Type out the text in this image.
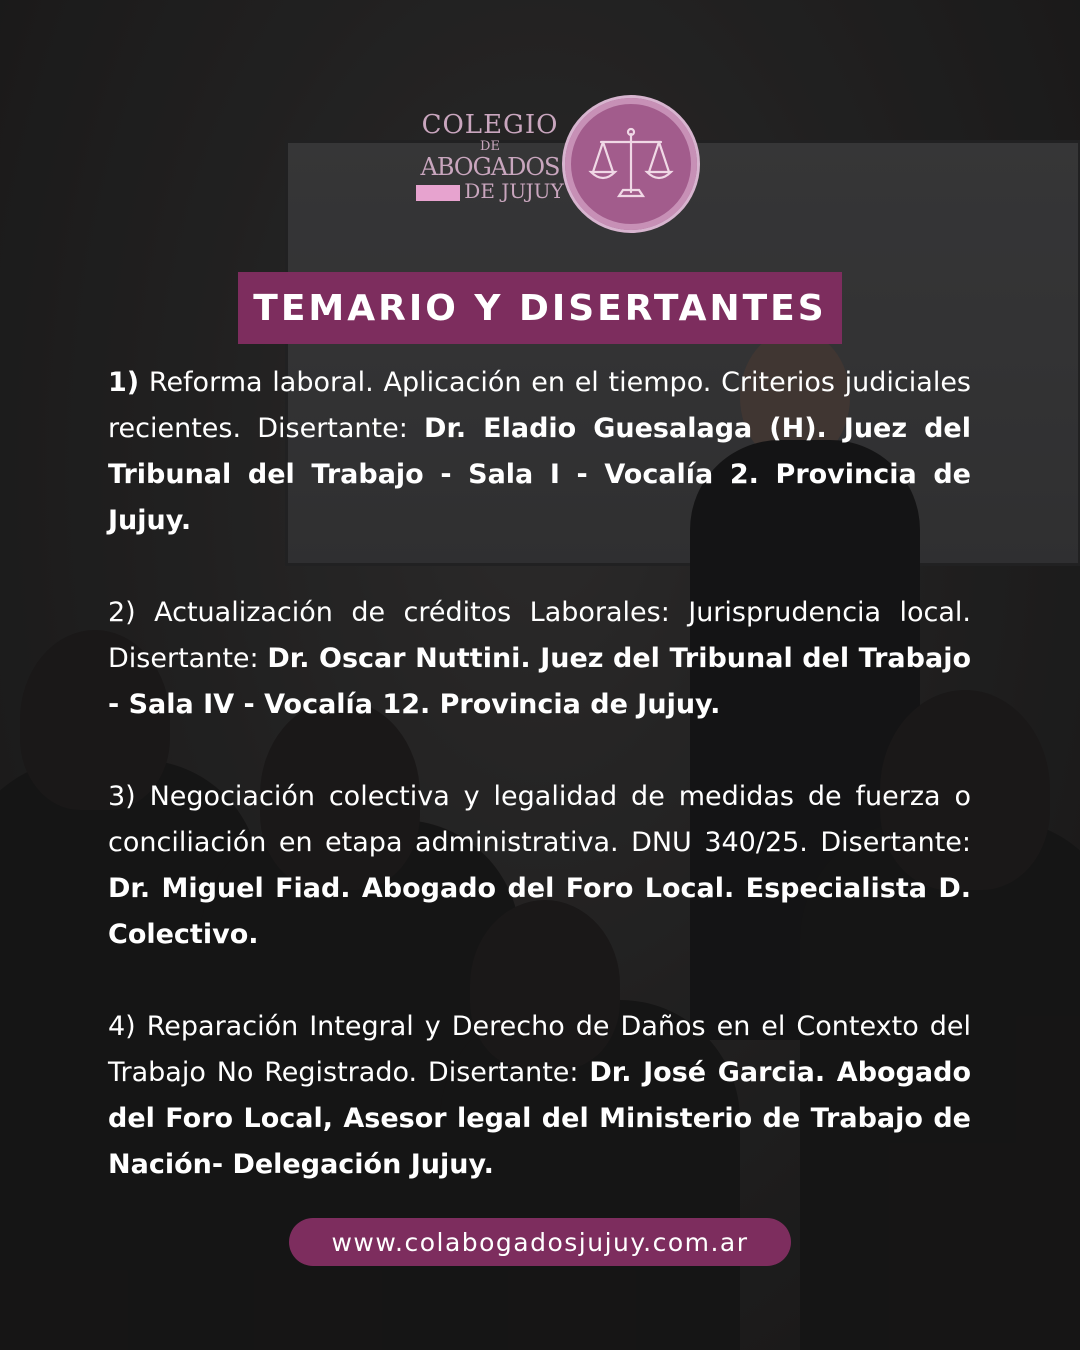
COLEGIO
DE
ABOGADOS
DE JUJUY
TEMARIO Y DISERTANTES

1) Reforma laboral. Aplicación en el tiempo. Criterios judiciales recientes. Disertante: Dr. Eladio Guesalaga (H). Juez del Tribunal del Trabajo - Sala I - Vocalía 2. Provincia de Jujuy.

2) Actualización de créditos Laborales: Jurisprudencia local. Disertante: Dr. Oscar Nuttini. Juez del Tribunal del Trabajo - Sala IV - Vocalía 12. Provincia de Jujuy.

3) Negociación colectiva y legalidad de medidas de fuerza o conciliación en etapa administrativa. DNU 340/25. Disertante: Dr. Miguel Fiad. Abogado del Foro Local. Especialista D. Colectivo.

4) Reparación Integral y Derecho de Daños en el Contexto del Trabajo No Registrado. Disertante: Dr. José Garcia. Abogado del Foro Local, Asesor legal del Ministerio de Trabajo de Nación- Delegación Jujuy.

www.colabogadosjujuy.com.ar
